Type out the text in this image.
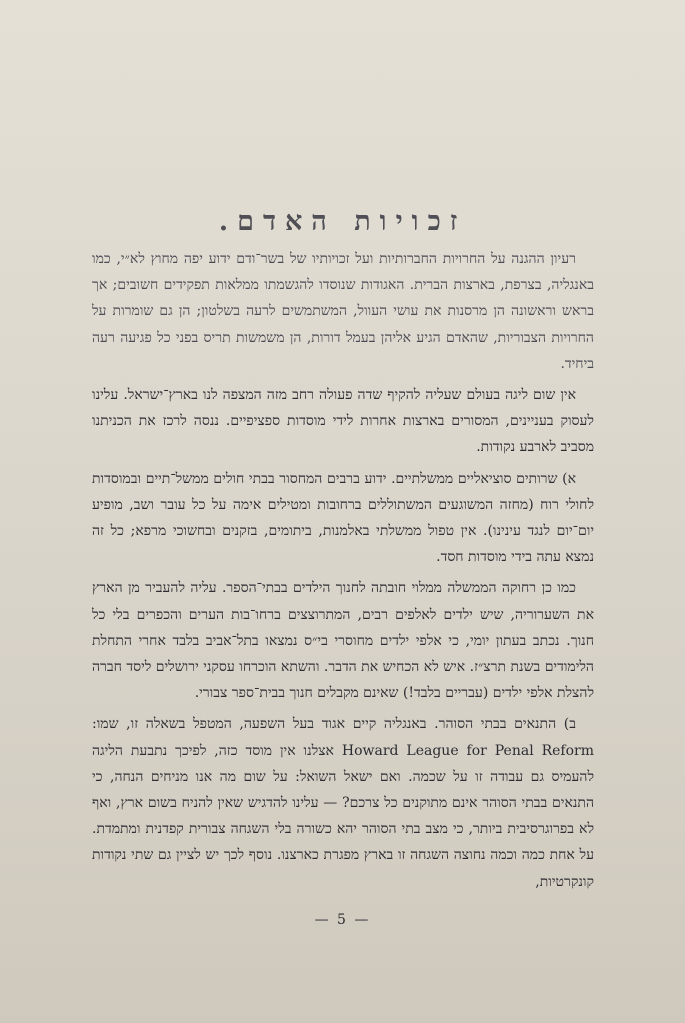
זכויות האדם.

רעיון ההגנה על החרויות החברותיות ועל זכויותיו של בשר־ודם ידוע יפה מחוץ לא״י, כמו באנגליה, בצרפת, בארצות הברית. האגודות שנוסדו להגשמתו ממלאות תפקידים חשובים; אך בראש וראשונה הן מרסנות את עושי העוול, המשתמשים לרעה בשלטון; הן גם שומרות על החרויות הצבוריות, שהאדם הגיע אליהן בעמל דורות, הן משמשות תריס בפני כל פגיעה רעה ביחיד.

אין שום ליגה בעולם שעליה להקיף שדה פעולה רחב מזה המצפה לנו בארץ־ישראל. עלינו לעסוק בעניינים, המסורים בארצות אחרות לידי מוסדות ספציפיים. ננסה לרכז את הכניתנו מסביב לארבע נקודות.

א) שרותים סוציאליים ממשלתיים. ידוע ברבים המחסור בבתי חולים ממשל־תיים ובמוסדות לחולי רוח (מחזה המשוגעים המשתוללים ברחובות ומטילים אימה על כל עובר ושב, מופיע יום־יום לנגד עינינו). אין טפול ממשלתי באלמנות, ביתומים, בזקנים ובחשוכי מרפא; כל זה נמצא עתה בידי מוסדות חסד.

כמו כן רחוקה הממשלה ממלוי חובתה לחנוך הילדים בבתי־הספר. עליה להעביר מן הארץ את השערוריה, שיש ילדים לאלפים רבים, המתרוצצים ברחו־בות הערים והכפרים בלי כל חנוך. נכתב בעתון יומי, כי אלפי ילדים מחוסרי בי״ס נמצאו בתל־אביב בלבד אחרי התחלת הלימודים בשנת תרצ״ז. איש לא הכחיש את הדבר. והשתא הוכרחו עסקני ירושלים ליסד חברה להצלת אלפי ילדים (עבריים בלבד!) שאינם מקבלים חנוך בבית־ספר צבורי.

ב) התנאים בבתי הסוהר. באנגליה קיים אגוד בעל השפעה, המטפל בשאלה זו, שמו: Howard League for Penal Reform אצלנו אין מוסד כזה, לפיכך נתבעת הליגה להעמיס גם עבודה זו על שכמה. ואם ישאל השואל: על שום מה אנו מניחים הנחה, כי התנאים בבתי הסוהר אינם מתוקנים כל צרכם? — עלינו להדגיש שאין להניח בשום ארץ, ואף לא בפרוגרסיבית ביותר, כי מצב בתי הסוהר יהא כשורה בלי השגחה צבורית קפדנית ומתמדת. על אחת כמה וכמה נחוצה השגחה זו בארץ מפגרת כארצנו. נוסף לכך יש לציין גם שתי נקודות קונקרטיות,

— 5 —
